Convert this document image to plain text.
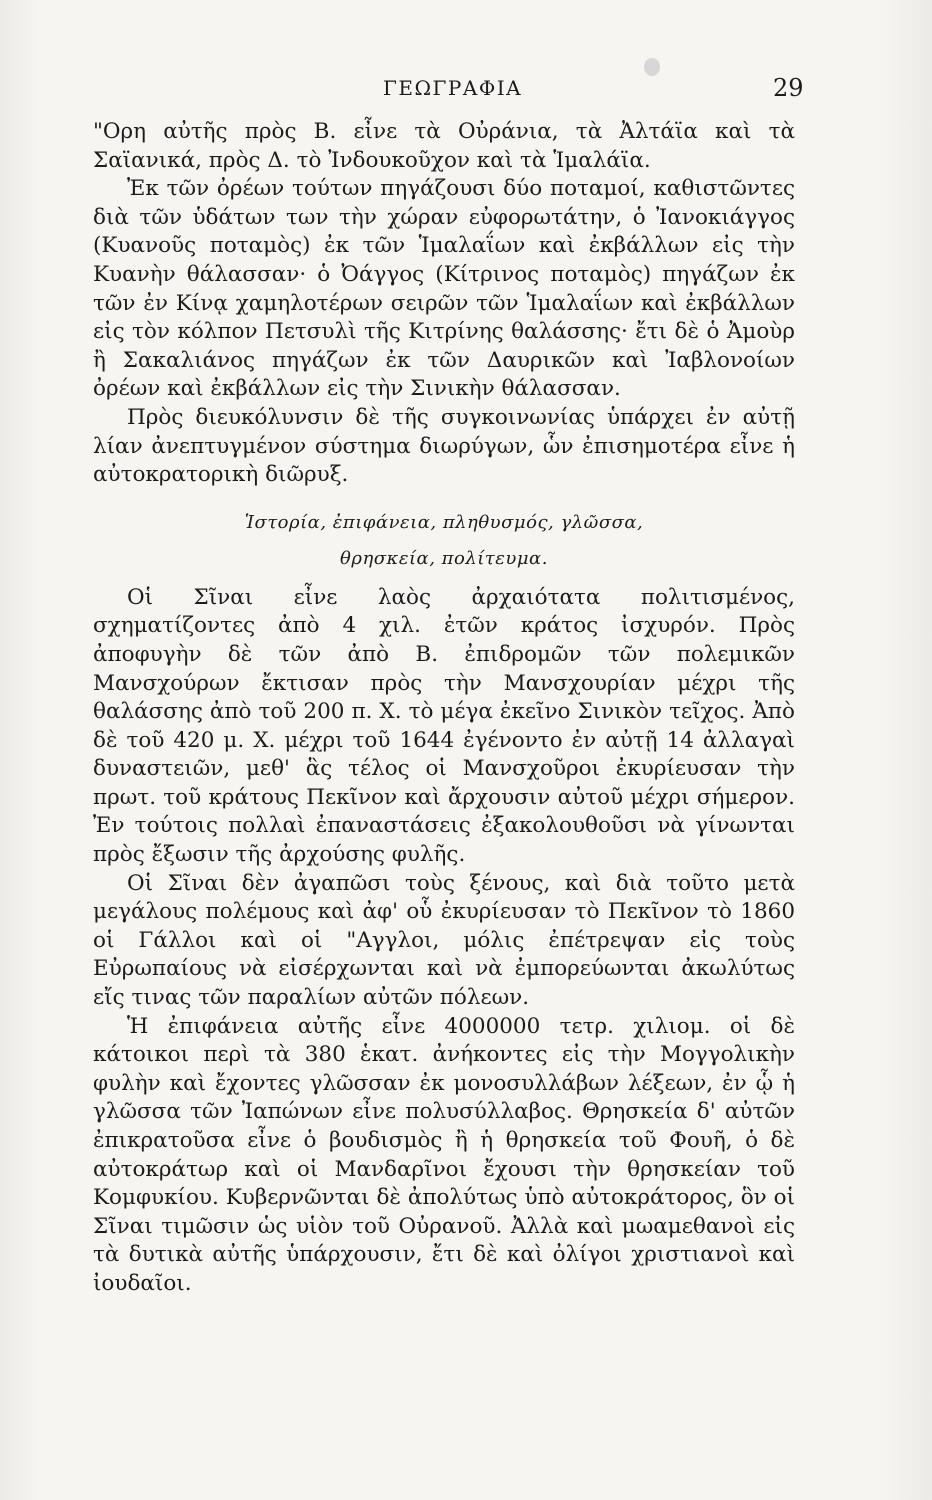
ΓΕΩΓΡΑΦΙΑ	29

"Ορη αὐτῆς πρὸς Β. εἶνε τὰ Οὐράνια, τὰ Ἀλτάϊα καὶ τὰ Σαϊανικά, πρὸς Δ. τὸ Ἰνδουκοῦχον καὶ τὰ Ἱμαλάϊα.

Ἐκ τῶν ὀρέων τούτων πηγάζουσι δύο ποταμοί, καθιστῶντες διὰ τῶν ὑδάτων των τὴν χώραν εὐφορωτάτην, ὁ Ἰανοκιάγγος (Κυανοῦς ποταμὸς) ἐκ τῶν Ἱμαλαΐων καὶ ἐκβάλλων εἰς τὴν Κυανὴν θάλασσαν· ὁ Ὀάγγος (Κίτρινος ποταμὸς) πηγάζων ἐκ τῶν ἐν Κίνᾳ χαμηλοτέρων σειρῶν τῶν Ἱμαλαΐων καὶ ἐκβάλλων εἰς τὸν κόλπον Πετσυλὶ τῆς Κιτρίνης θαλάσσης· ἔτι δὲ ὁ Ἀμοὺρ ἢ Σακαλιάνος πηγάζων ἐκ τῶν Δαυρικῶν καὶ Ἰαβλονοίων ὀρέων καὶ ἐκβάλλων εἰς τὴν Σινικὴν θάλασσαν.

Πρὸς διευκόλυνσιν δὲ τῆς συγκοινωνίας ὑπάρχει ἐν αὐτῇ λίαν ἀνεπτυγμένον σύστημα διωρύγων, ὧν ἐπισημοτέρα εἶνε ἡ αὐτοκρατορικὴ διῶρυξ.

Ἱστορία, ἐπιφάνεια, πληθυσμός, γλῶσσα,

θρησκεία, πολίτευμα.

Οἱ Σῖναι εἶνε λαὸς ἀρχαιότατα πολιτισμένος, σχηματίζοντες ἀπὸ 4 χιλ. ἐτῶν κράτος ἰσχυρόν. Πρὸς ἀποφυγὴν δὲ τῶν ἀπὸ Β. ἐπιδρομῶν τῶν πολεμικῶν Μανσχούρων ἔκτισαν πρὸς τὴν Μανσχουρίαν μέχρι τῆς θαλάσσης ἀπὸ τοῦ 200 π. Χ. τὸ μέγα ἐκεῖνο Σινικὸν τεῖχος. Ἀπὸ δὲ τοῦ 420 μ. Χ. μέχρι τοῦ 1644 ἐγένοντο ἐν αὐτῇ 14 ἀλλαγαὶ δυναστειῶν, μεθ' ἃς τέλος οἱ Μανσχοῦροι ἐκυρίευσαν τὴν πρωτ. τοῦ κράτους Πεκῖνον καὶ ἄρχουσιν αὐτοῦ μέχρι σήμερον. Ἐν τούτοις πολλαὶ ἐπαναστάσεις ἐξακολουθοῦσι νὰ γίνωνται πρὸς ἔξωσιν τῆς ἀρχούσης φυλῆς.

Οἱ Σῖναι δὲν ἀγαπῶσι τοὺς ξένους, καὶ διὰ τοῦτο μετὰ μεγάλους πολέμους καὶ ἀφ' οὗ ἐκυρίευσαν τὸ Πεκῖνον τὸ 1860 οἱ Γάλλοι καὶ οἱ "Αγγλοι, μόλις ἐπέτρεψαν εἰς τοὺς Εὐρωπαίους νὰ εἰσέρχωνται καὶ νὰ ἐμπορεύωνται ἀκωλύτως εἴς τινας τῶν παραλίων αὐτῶν πόλεων.

Ἡ ἐπιφάνεια αὐτῆς εἶνε 4000000 τετρ. χιλιομ. οἱ δὲ κάτοικοι περὶ τὰ 380 ἑκατ. ἀνήκοντες εἰς τὴν Μογγολικὴν φυλὴν καὶ ἔχοντες γλῶσσαν ἐκ μονοσυλλάβων λέξεων, ἐν ᾧ ἡ γλῶσσα τῶν Ἰαπώνων εἶνε πολυσύλλαβος. Θρησκεία δ' αὐτῶν ἐπικρατοῦσα εἶνε ὁ βουδισμὸς ἢ ἡ θρησκεία τοῦ Φουῆ, ὁ δὲ αὐτοκράτωρ καὶ οἱ Μανδαρῖνοι ἔχουσι τὴν θρησκείαν τοῦ Κομφυκίου. Κυβερνῶνται δὲ ἀπολύτως ὑπὸ αὐτοκράτορος, ὃν οἱ Σῖναι τιμῶσιν ὡς υἱὸν τοῦ Οὐρανοῦ. Ἀλλὰ καὶ μωαμεθανοὶ εἰς τὰ δυτικὰ αὐτῆς ὑπάρχουσιν, ἔτι δὲ καὶ ὀλίγοι χριστιανοὶ καὶ ἰουδαῖοι.
